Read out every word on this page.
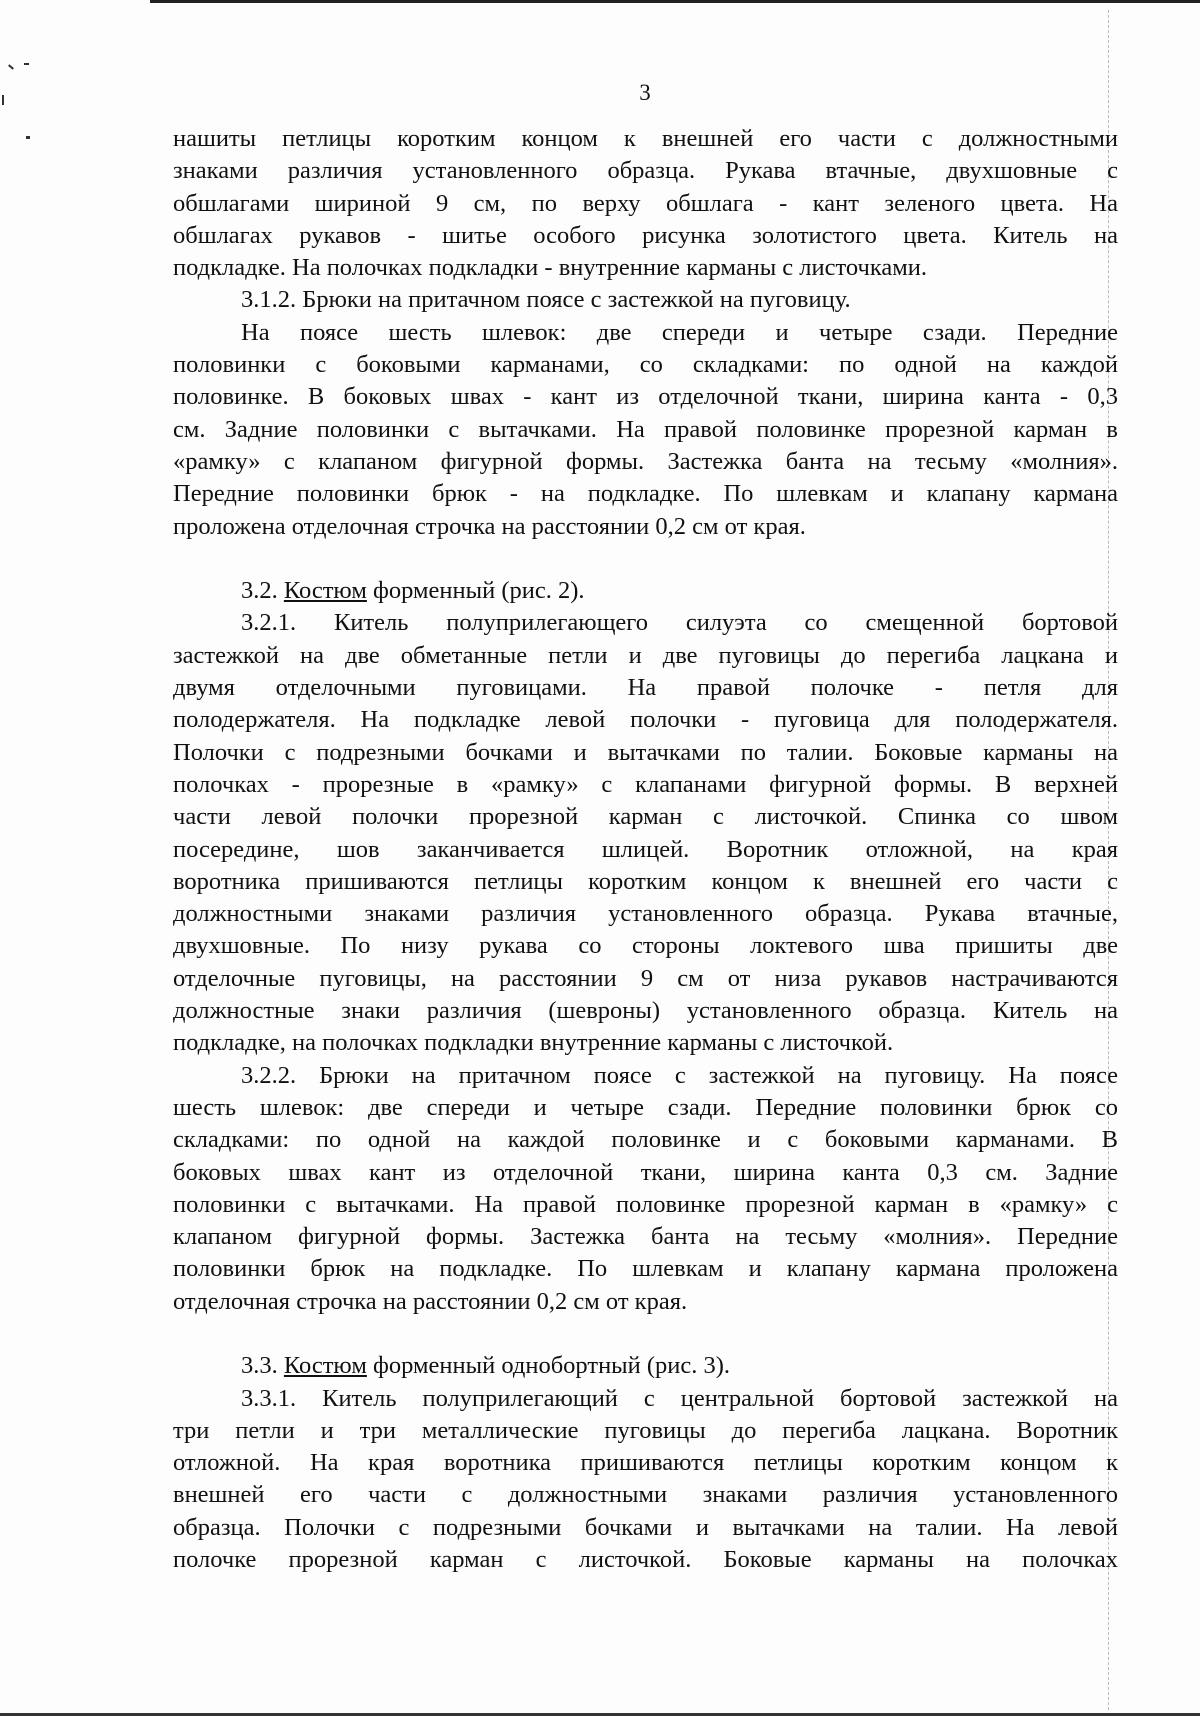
3
нашиты петлицы коротким концом к внешней его части с должностными
знаками различия установленного образца. Рукава втачные, двухшовные с
обшлагами шириной 9 см, по верху обшлага - кант зеленого цвета. На
обшлагах рукавов - шитье особого рисунка золотистого цвета. Китель на
подкладке. На полочках подкладки - внутренние карманы с листочками.
3.1.2. Брюки на притачном поясе с застежкой на пуговицу.
На поясе шесть шлевок: две спереди и четыре сзади. Передние
половинки с боковыми карманами, со складками: по одной на каждой
половинке. В боковых швах - кант из отделочной ткани, ширина канта - 0,3
см. Задние половинки с вытачками. На правой половинке прорезной карман в
«рамку» с клапаном фигурной формы. Застежка банта на тесьму «молния».
Передние половинки брюк - на подкладке. По шлевкам и клапану кармана
проложена отделочная строчка на расстоянии 0,2 см от края.
3.2. Костюм форменный (рис. 2).
3.2.1. Китель полуприлегающего силуэта со смещенной бортовой
застежкой на две обметанные петли и две пуговицы до перегиба лацкана и
двумя отделочными пуговицами. На правой полочке - петля для
полодержателя. На подкладке левой полочки - пуговица для полодержателя.
Полочки с подрезными бочками и вытачками по талии. Боковые карманы на
полочках - прорезные в «рамку» с клапанами фигурной формы. В верхней
части левой полочки прорезной карман с листочкой. Спинка со швом
посередине, шов заканчивается шлицей. Воротник отложной, на края
воротника пришиваются петлицы коротким концом к внешней его части с
должностными знаками различия установленного образца. Рукава втачные,
двухшовные. По низу рукава со стороны локтевого шва пришиты две
отделочные пуговицы, на расстоянии 9 см от низа рукавов настрачиваются
должностные знаки различия (шевроны) установленного образца. Китель на
подкладке, на полочках подкладки внутренние карманы с листочкой.
3.2.2. Брюки на притачном поясе с застежкой на пуговицу. На поясе
шесть шлевок: две спереди и четыре сзади. Передние половинки брюк со
складками: по одной на каждой половинке и с боковыми карманами. В
боковых швах кант из отделочной ткани, ширина канта 0,3 см. Задние
половинки с вытачками. На правой половинке прорезной карман в «рамку» с
клапаном фигурной формы. Застежка банта на тесьму «молния». Передние
половинки брюк на подкладке. По шлевкам и клапану кармана проложена
отделочная строчка на расстоянии 0,2 см от края.
3.3. Костюм форменный однобортный (рис. 3).
3.3.1. Китель полуприлегающий с центральной бортовой застежкой на
три петли и три металлические пуговицы до перегиба лацкана. Воротник
отложной. На края воротника пришиваются петлицы коротким концом к
внешней его части с должностными знаками различия установленного
образца. Полочки с подрезными бочками и вытачками на талии. На левой
полочке прорезной карман с листочкой. Боковые карманы на полочках
